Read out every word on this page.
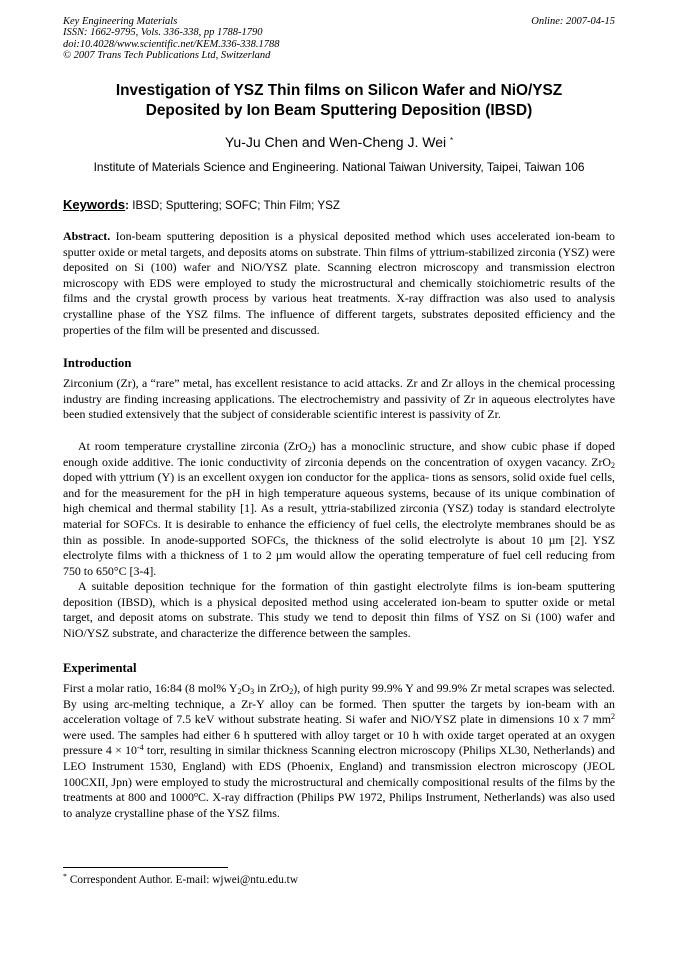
Key Engineering Materials
ISSN: 1662-9795, Vols. 336-338, pp 1788-1790
doi:10.4028/www.scientific.net/KEM.336-338.1788
© 2007 Trans Tech Publications Ltd, Switzerland
Online: 2007-04-15
Investigation of YSZ Thin films on Silicon Wafer and NiO/YSZ
Deposited by Ion Beam Sputtering Deposition (IBSD)
Yu-Ju Chen and Wen-Cheng J. Wei *
Institute of Materials Science and Engineering. National Taiwan University, Taipei, Taiwan 106
Keywords: IBSD; Sputtering; SOFC; Thin Film; YSZ
Abstract. Ion-beam sputtering deposition is a physical deposited method which uses accelerated ion-beam to sputter oxide or metal targets, and deposits atoms on substrate. Thin films of yttrium-stabilized zirconia (YSZ) were deposited on Si (100) wafer and NiO/YSZ plate. Scanning electron microscopy and transmission electron microscopy with EDS were employed to study the microstructural and chemically stoichiometric results of the films and the crystal growth process by various heat treatments. X-ray diffraction was also used to analysis crystalline phase of the YSZ films. The influence of different targets, substrates deposited efficiency and the properties of the film will be presented and discussed.
Introduction
Zirconium (Zr), a “rare” metal, has excellent resistance to acid attacks. Zr and Zr alloys in the chemical processing industry are finding increasing applications. The electrochemistry and passivity of Zr in aqueous electrolytes have been studied extensively that the subject of considerable scientific interest is passivity of Zr.
At room temperature crystalline zirconia (ZrO$_2$) has a monoclinic structure, and show cubic phase if doped enough oxide additive. The ionic conductivity of zirconia depends on the concentration of oxygen vacancy. ZrO$_2$ doped with yttrium (Y) is an excellent oxygen ion conductor for the applica- tions as sensors, solid oxide fuel cells, and for the measurement for the pH in high temperature aqueous systems, because of its unique combination of high chemical and thermal stability [1]. As a result, yttria-stabilized zirconia (YSZ) today is standard electrolyte material for SOFCs. It is desirable to enhance the efficiency of fuel cells, the electrolyte membranes should be as thin as possible. In anode-supported SOFCs, the thickness of the solid electrolyte is about 10 µm [2]. YSZ electrolyte films with a thickness of 1 to 2 µm would allow the operating temperature of fuel cell reducing from 750 to 650°C [3-4].
A suitable deposition technique for the formation of thin gastight electrolyte films is ion-beam sputtering deposition (IBSD), which is a physical deposited method using accelerated ion-beam to sputter oxide or metal target, and deposit atoms on substrate. This study we tend to deposit thin films of YSZ on Si (100) wafer and NiO/YSZ substrate, and characterize the difference between the samples.
Experimental
First a molar ratio, 16:84 (8 mol% $Y_2O_3$ in ZrO$_2$), of high purity 99.9% Y and 99.9% Zr metal scrapes was selected. By using arc-melting technique, a Zr-Y alloy can be formed. Then sputter the targets by ion-beam with an acceleration voltage of 7.5 keV without substrate heating. Si wafer and NiO/YSZ plate in dimensions 10 x 7 $mm^2$ were used. The samples had either 6 h sputtered with alloy target or 10 h with oxide target operated at an oxygen pressure $4 \times 10^{-4}$ torr, resulting in similar thickness Scanning electron microscopy (Philips XL30, Netherlands) and LEO Instrument 1530, England) with EDS (Phoenix, England) and transmission electron microscopy (JEOL 100CXII, Jpn) were employed to study the microstructural and chemically compositional results of the films by the treatments at 800 and 1000$^o$C. X-ray diffraction (Philips PW 1972, Philips Instrument, Netherlands) was also used to analyze crystalline phase of the YSZ films.
* Correspondent Author. E-mail: wjwei@ntu.edu.tw
